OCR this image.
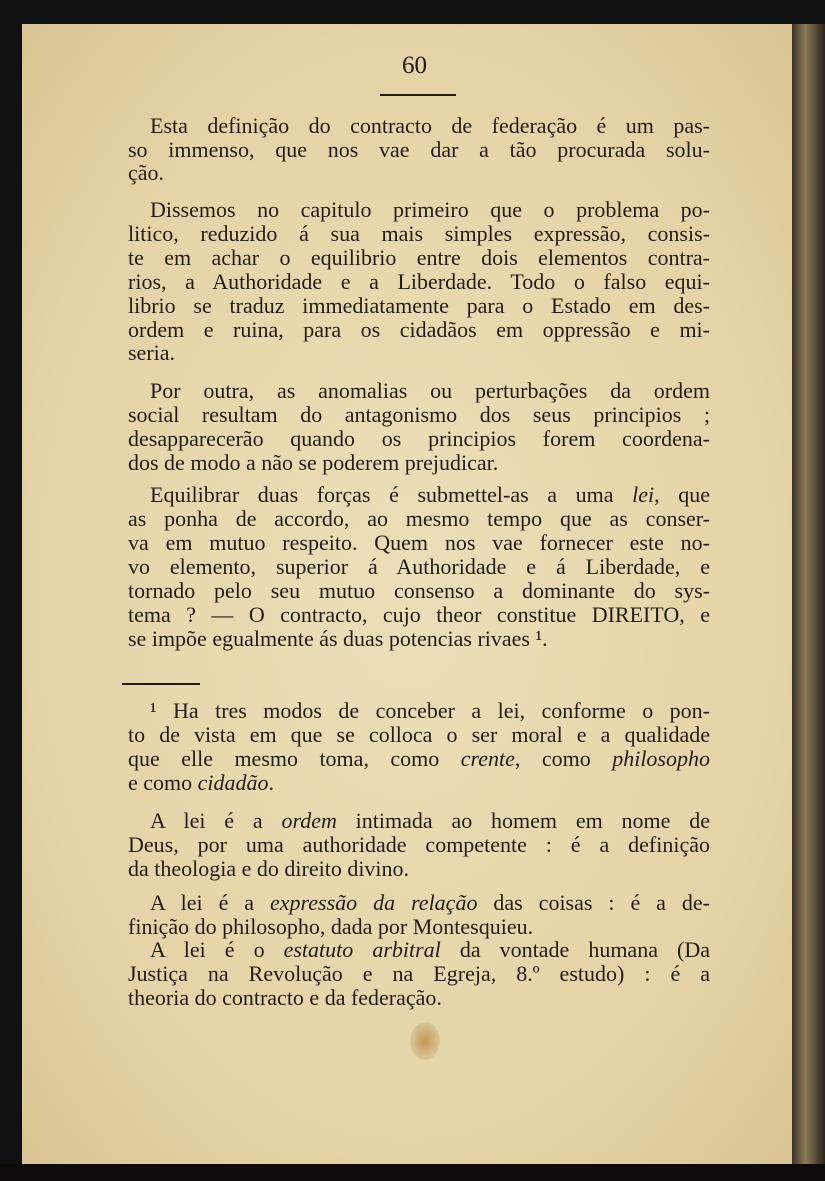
60
Esta definição do contracto de federação é um pas-
so immenso, que nos vae dar a tão procurada solu-
ção.
Dissemos no capitulo primeiro que o problema po-
litico, reduzido á sua mais simples expressão, consis-
te em achar o equilibrio entre dois elementos contra-
rios, a Authoridade e a Liberdade. Todo o falso equi-
librio se traduz immediatamente para o Estado em des-
ordem e ruina, para os cidadãos em oppressão e mi-
seria.
Por outra, as anomalias ou perturbações da ordem
social resultam do antagonismo dos seus principios ;
desapparecerão quando os principios forem coordena-
dos de modo a não se poderem prejudicar.
Equilibrar duas forças é submettel-as a uma lei, que
as ponha de accordo, ao mesmo tempo que as conser-
va em mutuo respeito. Quem nos vae fornecer este no-
vo elemento, superior á Authoridade e á Liberdade, e
tornado pelo seu mutuo consenso a dominante do sys-
tema ? — O contracto, cujo theor constitue DIREITO, e
se impõe egualmente ás duas potencias rivaes ¹.
¹ Ha tres modos de conceber a lei, conforme o pon-
to de vista em que se colloca o ser moral e a qualidade
que elle mesmo toma, como crente, como philosopho
e como cidadão.
A lei é a ordem intimada ao homem em nome de
Deus, por uma authoridade competente : é a definição
da theologia e do direito divino.
A lei é a expressão da relação das coisas : é a de-
finição do philosopho, dada por Montesquieu.
A lei é o estatuto arbitral da vontade humana (Da
Justiça na Revolução e na Egreja, 8.º estudo) : é a
theoria do contracto e da federação.
